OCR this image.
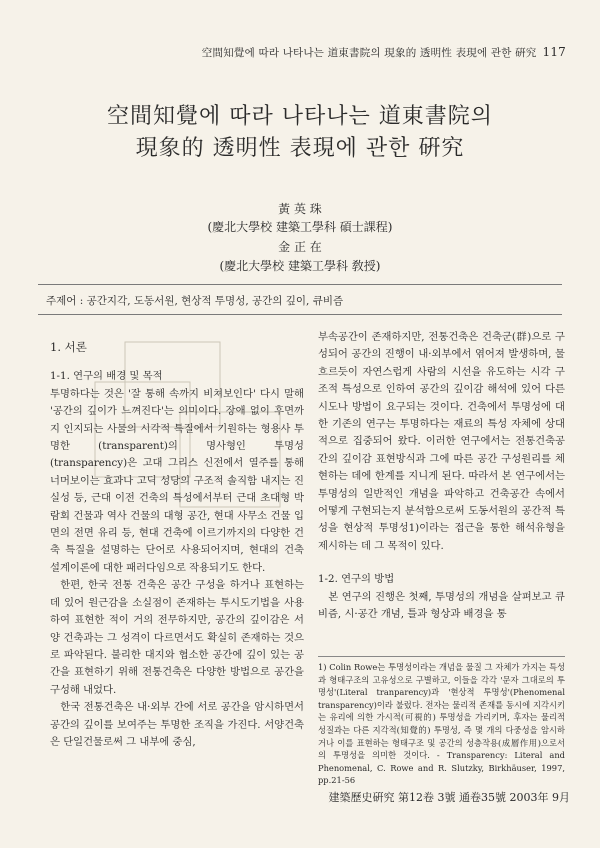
空間知覺에 따라 나타나는 道東書院의 現象的 透明性 表現에 관한 硏究 117
空間知覺에 따라 나타나는 道東書院의
現象的 透明性 表現에 관한 硏究
黃 英 珠
(慶北大學校 建築工學科 碩士課程)
金 正 在
(慶北大學校 建築工學科 敎授)
주제어 : 공간지각, 도동서원, 현상적 투명성, 공간의 깊이, 큐비즘

1. 서론

1-1. 연구의 배경 및 목적

투명하다는 것은 '잘 통해 속까지 비쳐보인다' 다시 말해 '공간의 깊이가 느껴진다'는 의미이다. 장애 없이 후면까지 인지되는 사물의 시각적 특질에서 기원하는 형용사 투명한 (transparent)의 명사형인 투명성(transparency)은 고대 그리스 신전에서 열주를 통해 너머보이는 효과나 고딕 성당의 구조적 솔직함 내지는 진실성 등, 근대 이전 건축의 특성에서부터 근대 초대형 박람회 건물과 역사 건물의 대형 공간, 현대 사무소 건물 입면의 전면 유리 등, 현대 건축에 이르기까지의 다양한 건축 특질을 설명하는 단어로 사용되어지며, 현대의 건축 설계이론에 대한 패러다임으로 작용되기도 한다.

한편, 한국 전통 건축은 공간 구성을 하거나 표현하는데 있어 원근감을 소실점이 존재하는 투시도기법을 사용하여 표현한 적이 거의 전무하지만, 공간의 깊이감은 서양 건축과는 그 성격이 다르면서도 확실히 존재하는 것으로 파악된다. 불리한 대지와 협소한 공간에 깊이 있는 공간을 표현하기 위해 전통건축은 다양한 방법으로 공간을 구성해 내었다.

한국 전통건축은 내·외부 간에 서로 공간을 암시하면서 공간의 깊이를 보여주는 투명한 조직을 가진다. 서양건축은 단일건물로써 그 내부에 중심,

부속공간이 존재하지만, 전통건축은 건축군(群)으로 구성되어 공간의 진행이 내·외부에서 엮어져 발생하며, 물 흐르듯이 자연스럽게 사람의 시선을 유도하는 시각 구조적 특성으로 인하여 공간의 깊이감 해석에 있어 다른 시도나 방법이 요구되는 것이다. 건축에서 투명성에 대한 기존의 연구는 투명하다는 재료의 특성 자체에 상대적으로 집중되어 왔다. 이러한 연구에서는 전통건축공간의 깊이감 표현방식과 그에 따른 공간 구성원리를 체현하는 데에 한계를 지니게 된다. 따라서 본 연구에서는 투명성의 일반적인 개념을 파악하고 건축공간 속에서 어떻게 구현되는지 분석함으로써 도동서원의 공간적 특성을 현상적 투명성1)이라는 접근을 통한 해석유형을 제시하는 데 그 목적이 있다.

1-2. 연구의 방법

본 연구의 진행은 첫째, 투명성의 개념을 살펴보고 큐비즘, 시·공간 개념, 틀과 형상과 배경을 통

1) Colin Rowe는 투명성이라는 개념을 물질 그 자체가 가지는 특성과 형태구조의 고유성으로 구별하고, 이들을 각각 '문자 그대로의 투명성'(Literal tranparency)과 '현상적 투명성'(Phenomenal transparency)이라 불렀다. 전자는 물리적 존재를 동시에 지각시키는 유리에 의한 가시적(可視的) 투명성을 가리키며, 후자는 물리적 성질과는 다른 지각적(知覺的) 투명성, 즉 몇 개의 다중성을 암시하거나 이를 표현하는 형태구조 및 공간의 성층작용(成層作用)으로서의 투명성을 의미한 것이다. - Transparency: Literal and Phenomenal, C. Rowe and R. Slutzky, Birkhäuser, 1997, pp.21-56
建築歷史硏究 第12卷 3號 通卷35號 2003年 9月
